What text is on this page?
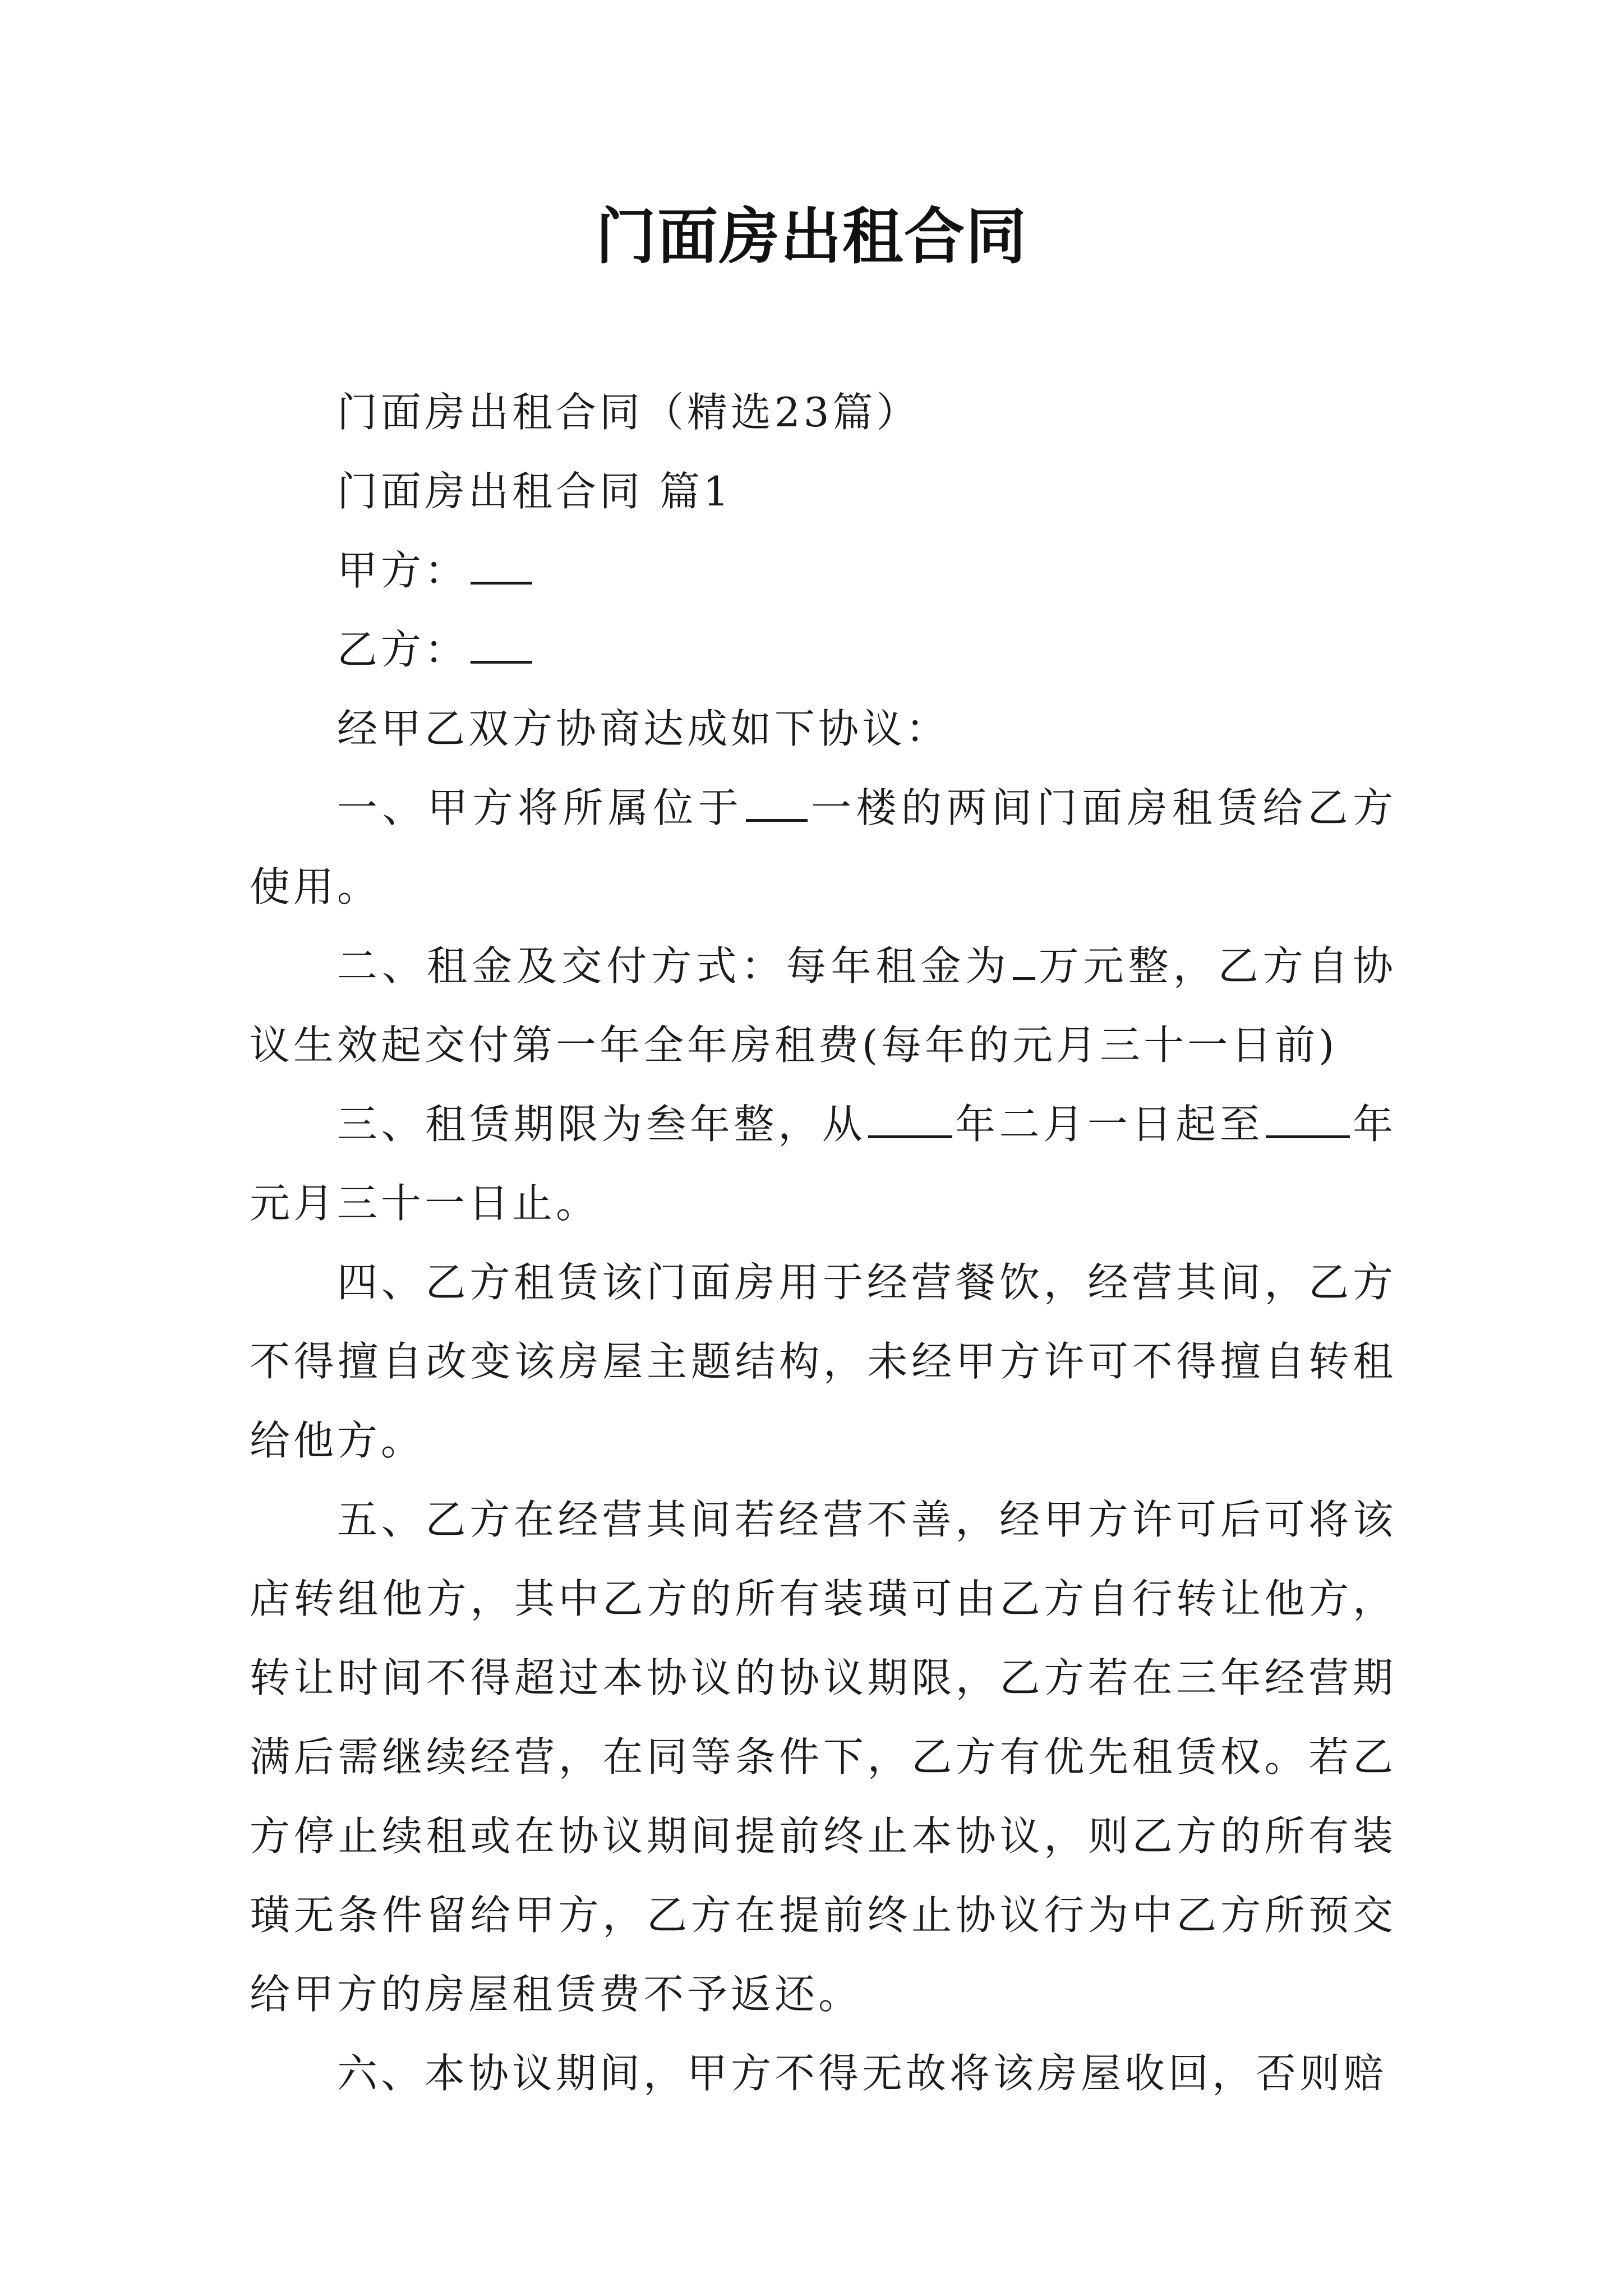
门面房出租合同

门面房出租合同（精选23篇）

门面房出租合同 篇1

甲方：

乙方：

经甲乙双方协商达成如下协议：

一、甲方将所属位于 一楼的两间门面房租赁给乙方使用。

二、租金及交付方式：每年租金为 万元整，乙方自协议生效起交付第一年全年房租费(每年的元月三十一日前)

三、租赁期限为叁年整，从 年二月一日起至 年元月三十一日止。

四、乙方租赁该门面房用于经营餐饮，经营其间，乙方不得擅自改变该房屋主题结构，未经甲方许可不得擅自转租给他方。

五、乙方在经营其间若经营不善，经甲方许可后可将该店转组他方，其中乙方的所有装璜可由乙方自行转让他方，转让时间不得超过本协议的协议期限，乙方若在三年经营期满后需继续经营，在同等条件下，乙方有优先租赁权。若乙方停止续租或在协议期间提前终止本协议，则乙方的所有装璜无条件留给甲方，乙方在提前终止协议行为中乙方所预交给甲方的房屋租赁费不予返还。

六、本协议期间，甲方不得无故将该房屋收回，否则赔
